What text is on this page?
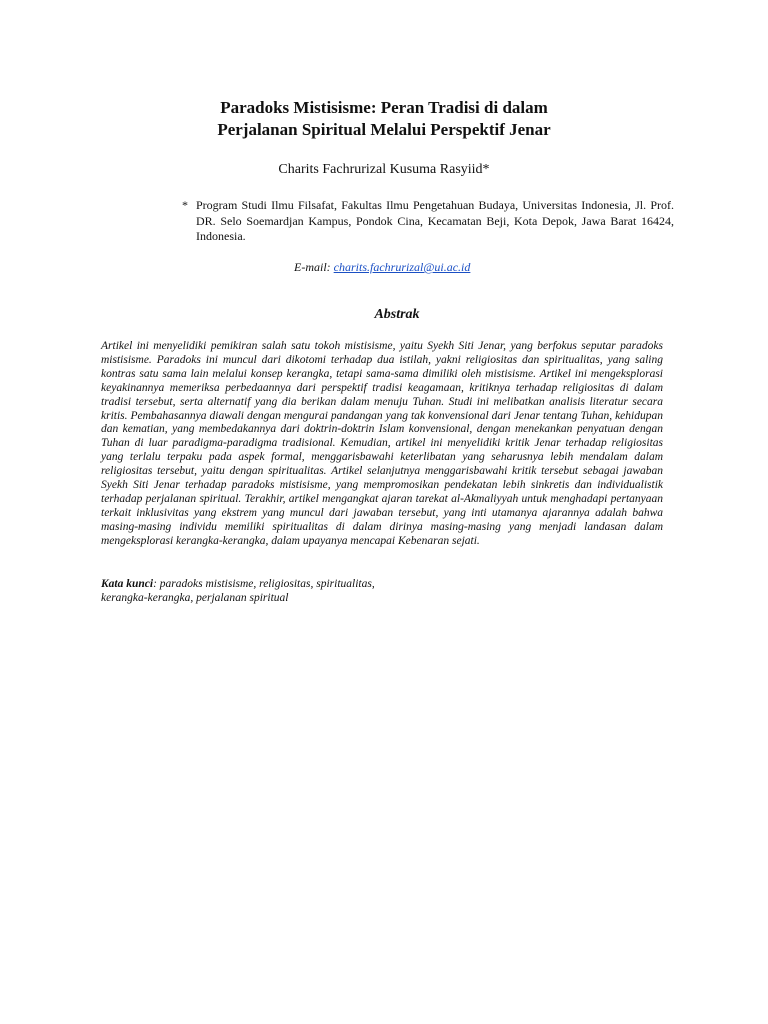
Paradoks Mistisisme: Peran Tradisi di dalam
Perjalanan Spiritual Melalui Perspektif Jenar
Charits Fachrurizal Kusuma Rasyiid*
* Program Studi Ilmu Filsafat, Fakultas Ilmu Pengetahuan Budaya, Universitas Indonesia, Jl. Prof. DR. Selo Soemardjan Kampus, Pondok Cina, Kecamatan Beji, Kota Depok, Jawa Barat 16424, Indonesia.
E-mail: charits.fachrurizal@ui.ac.id
Abstrak
Artikel ini menyelidiki pemikiran salah satu tokoh mistisisme, yaitu Syekh Siti Jenar, yang berfokus seputar paradoks mistisisme. Paradoks ini muncul dari dikotomi terhadap dua istilah, yakni religiositas dan spiritualitas, yang saling kontras satu sama lain melalui konsep kerangka, tetapi sama-sama dimiliki oleh mistisisme. Artikel ini mengeksplorasi keyakinannya memeriksa perbedaannya dari perspektif tradisi keagamaan, kritiknya terhadap religiositas di dalam tradisi tersebut, serta alternatif yang dia berikan dalam menuju Tuhan. Studi ini melibatkan analisis literatur secara kritis. Pembahasannya diawali dengan mengurai pandangan yang tak konvensional dari Jenar tentang Tuhan, kehidupan dan kematian, yang membedakannya dari doktrin-doktrin Islam konvensional, dengan menekankan penyatuan dengan Tuhan di luar paradigma-paradigma tradisional. Kemudian, artikel ini menyelidiki kritik Jenar terhadap religiositas yang terlalu terpaku pada aspek formal, menggarisbawahi keterlibatan yang seharusnya lebih mendalam dalam religiositas tersebut, yaitu dengan spiritualitas. Artikel selanjutnya menggarisbawahi kritik tersebut sebagai jawaban Syekh Siti Jenar terhadap paradoks mistisisme, yang mempromosikan pendekatan lebih sinkretis dan individualistik terhadap perjalanan spiritual. Terakhir, artikel mengangkat ajaran tarekat al-Akmaliyyah untuk menghadapi pertanyaan terkait inklusivitas yang ekstrem yang muncul dari jawaban tersebut, yang inti utamanya ajarannya adalah bahwa masing-masing individu memiliki spiritualitas di dalam dirinya masing-masing yang menjadi landasan dalam mengeksplorasi kerangka-kerangka, dalam upayanya mencapai Kebenaran sejati.
Kata kunci: paradoks mistisisme, religiositas, spiritualitas,
kerangka-kerangka, perjalanan spiritual
